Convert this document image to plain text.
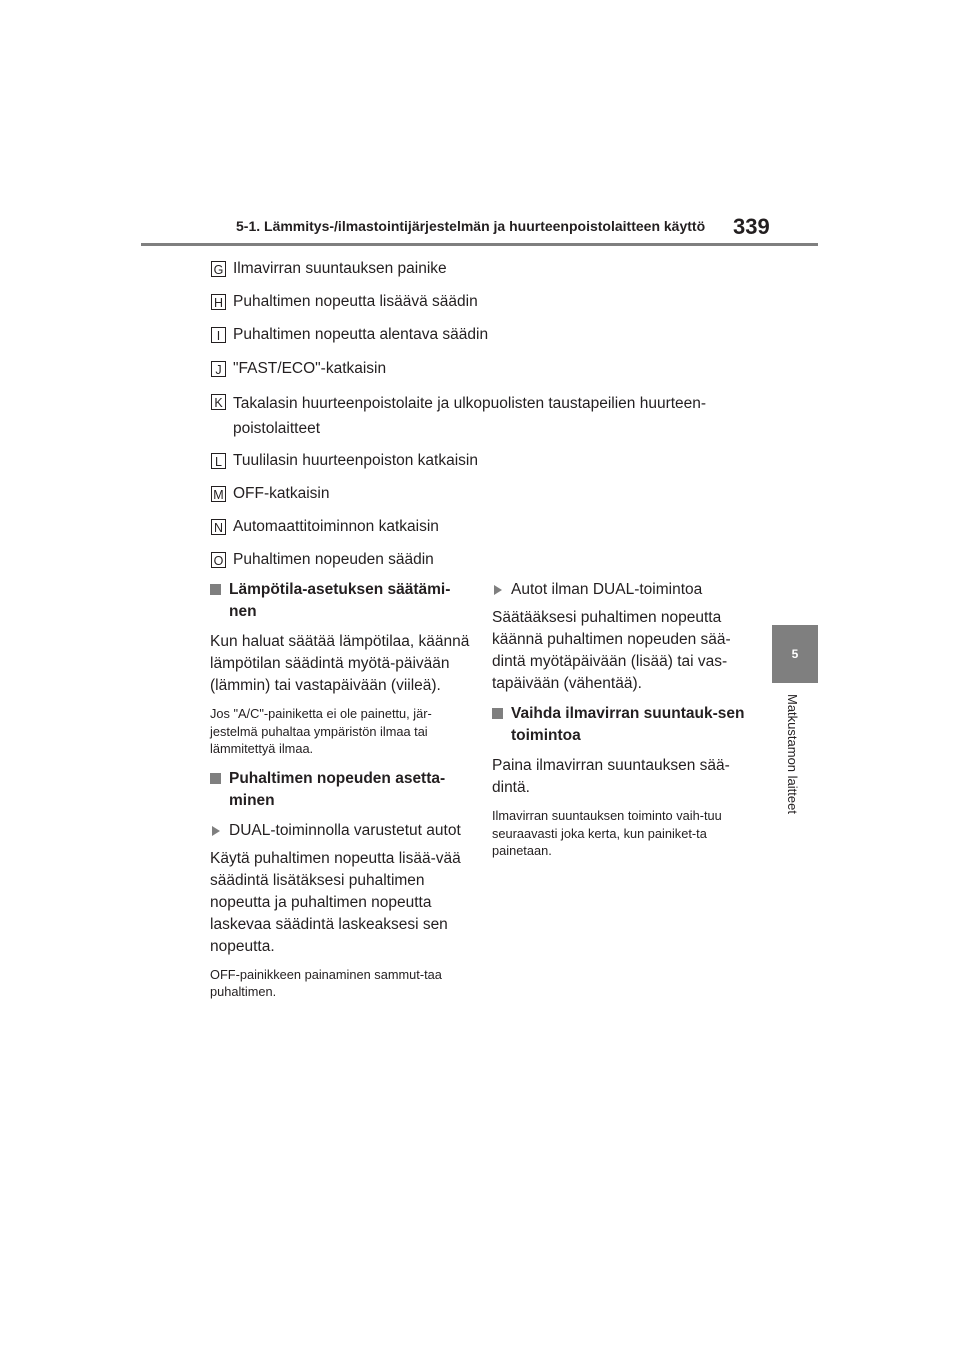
5-1. Lämmitys-/ilmastointijärjestelmän ja huurteenpoistolaitteen käyttö 339
5
Matkustamon laitteet
G Ilmavirran suuntauksen painike
H Puhaltimen nopeutta lisäävä säädin
I Puhaltimen nopeutta alentava säädin
J "FAST/ECO"-katkaisin
K Takalasin huurteenpoistolaite ja ulkopuolisten taustapeilien huurteen-poistolaitteet
L Tuulilasin huurteenpoiston katkaisin
M OFF-katkaisin
N Automaattitoiminnon katkaisin
O Puhaltimen nopeuden säädin
Lämpötila-asetuksen säätämi-nen
Kun haluat säätää lämpötilaa, käännä lämpötilan säädintä myötä-päivään (lämmin) tai vastapäivään (viileä).
Jos "A/C"-painiketta ei ole painettu, jär-jestelmä puhaltaa ympäristön ilmaa tai lämmitettyä ilmaa.
Puhaltimen nopeuden asetta-minen
DUAL-toiminnolla varustetut autot
Käytä puhaltimen nopeutta lisää-vää säädintä lisätäksesi puhaltimen nopeutta ja puhaltimen nopeutta laskevaa säädintä laskeaksesi sen nopeutta.
OFF-painikkeen painaminen sammut-taa puhaltimen.
Autot ilman DUAL-toimintoa
Säätääksesi puhaltimen nopeutta käännä puhaltimen nopeuden sää-dintä myötäpäivään (lisää) tai vas-tapäivään (vähentää).
Vaihda ilmavirran suuntauk-sen toimintoa
Paina ilmavirran suuntauksen sää-dintä.
Ilmavirran suuntauksen toiminto vaih-tuu seuraavasti joka kerta, kun painiket-ta painetaan.
